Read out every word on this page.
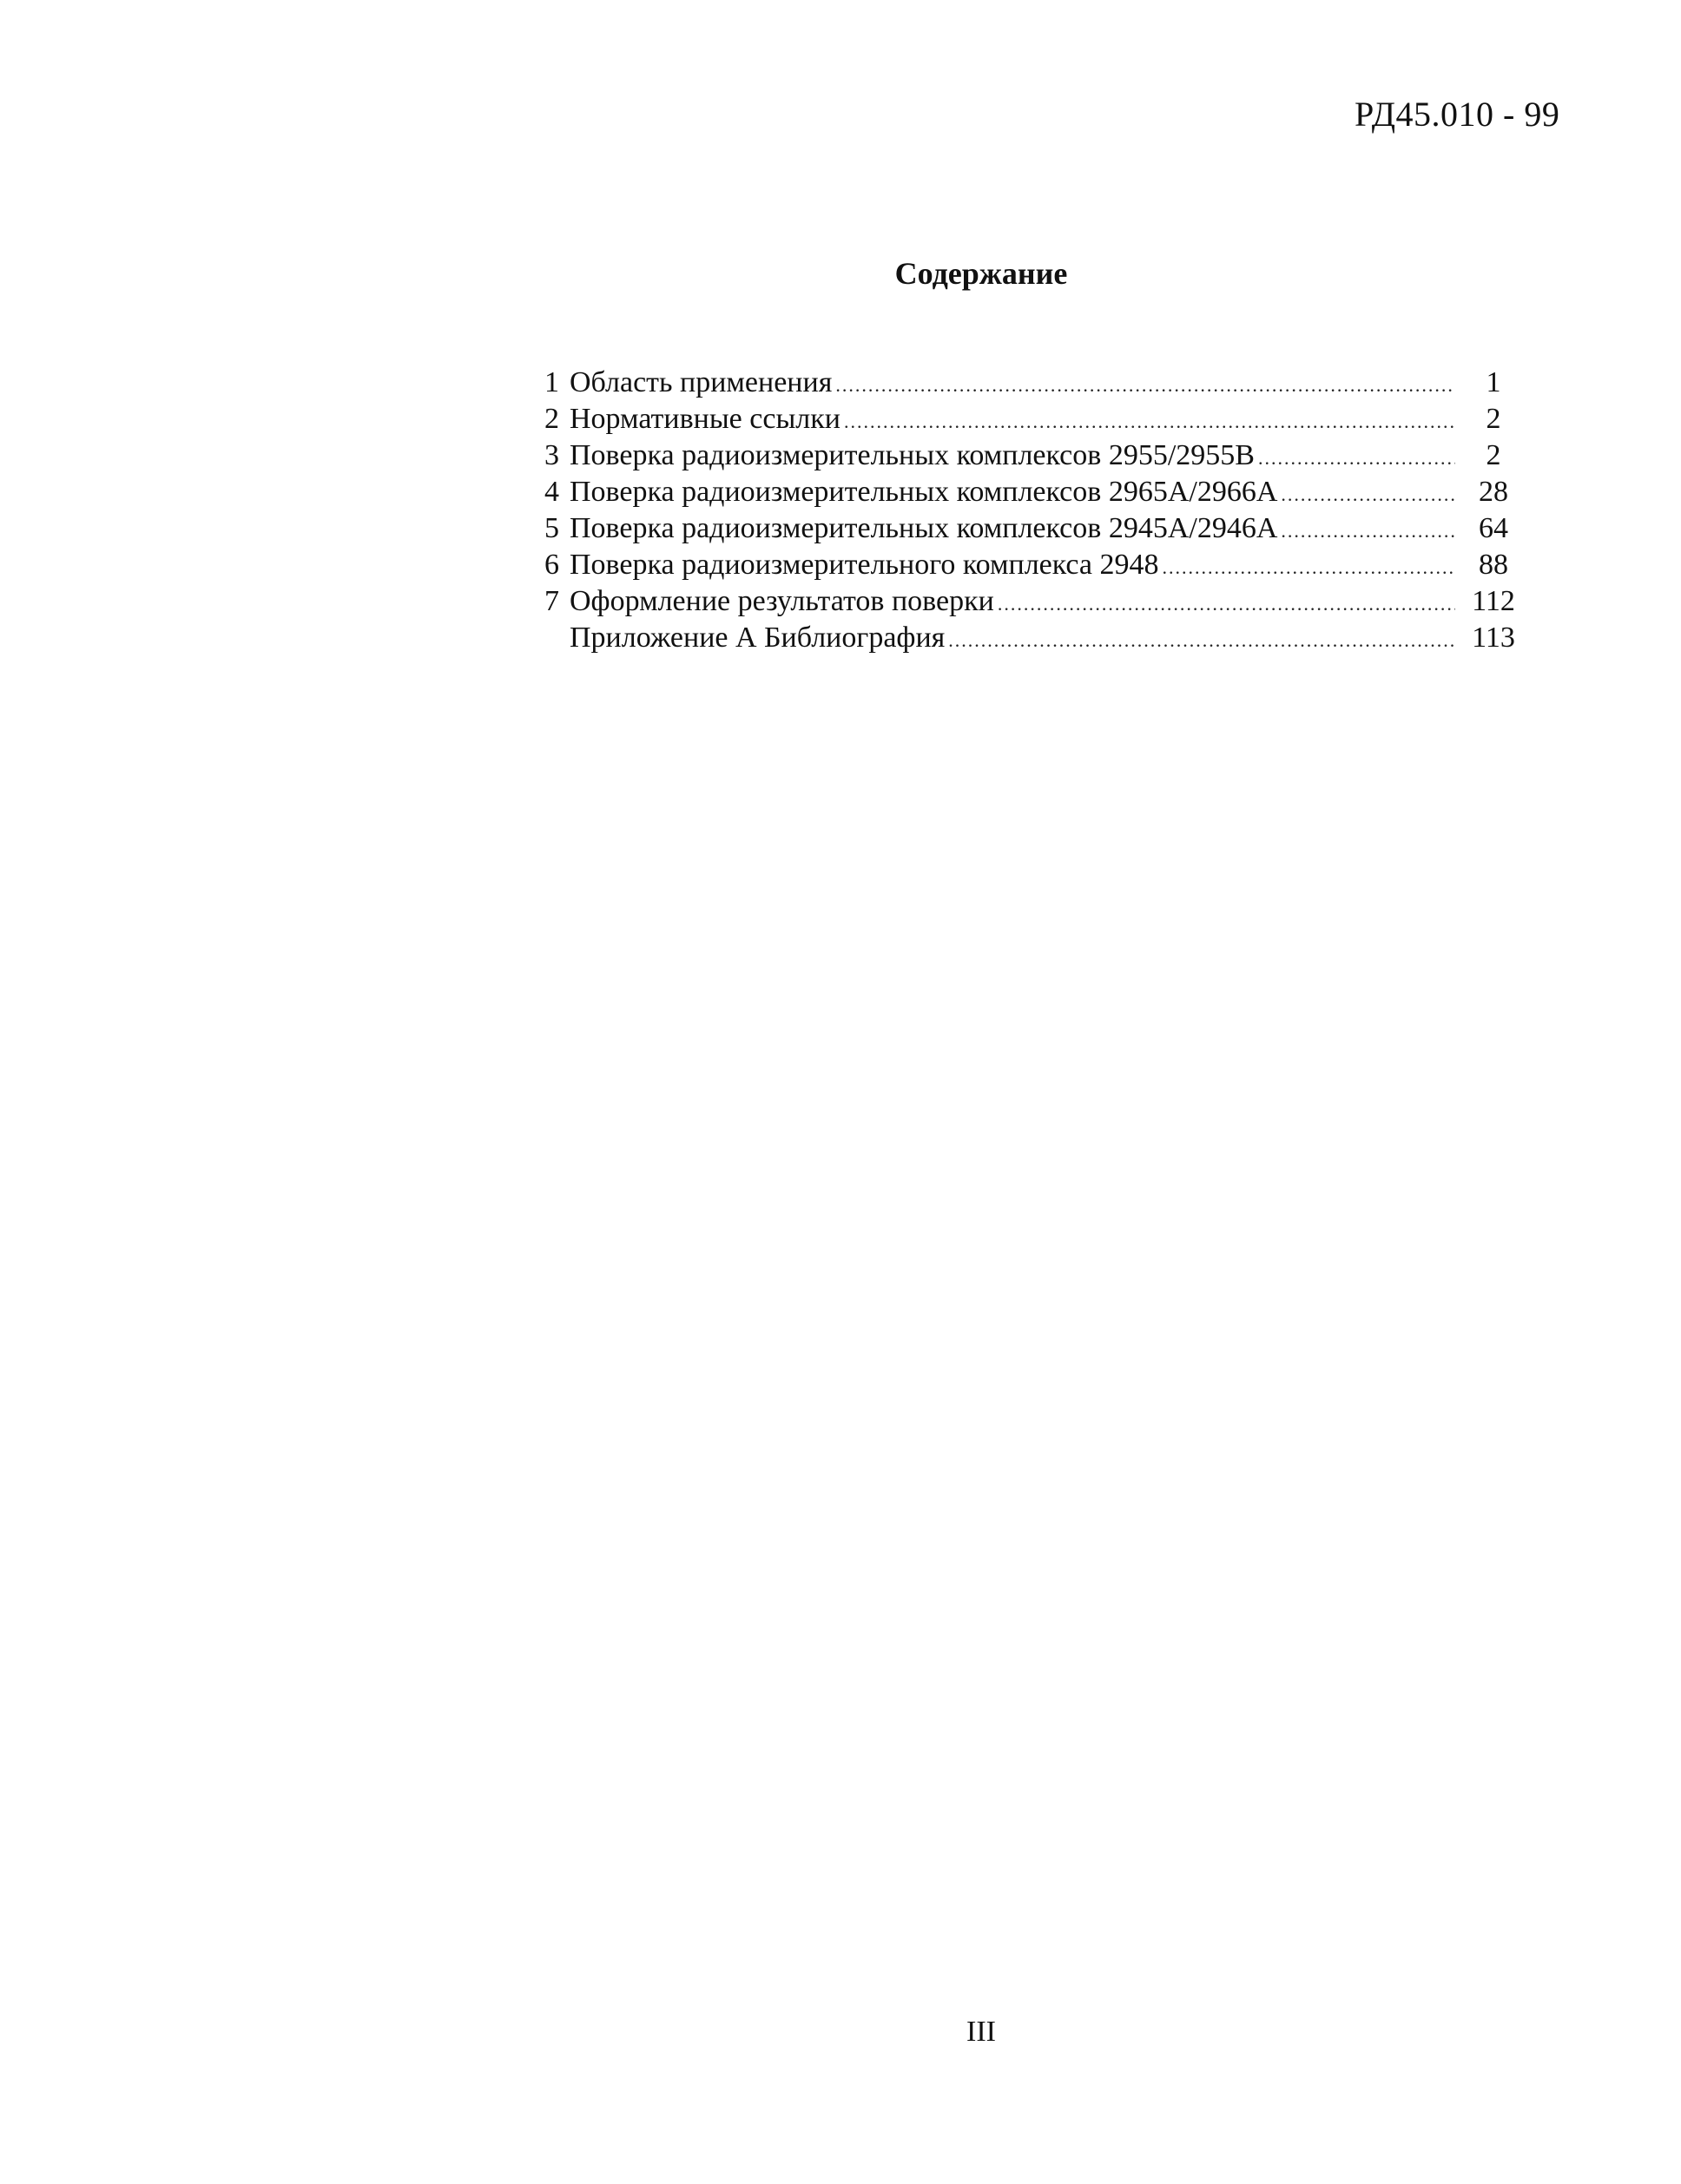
РД45.010 - 99
Содержание
1 Область применения .....	1
2 Нормативные ссылки .....	2
3 Поверка радиоизмерительных комплексов 2955/2955В .....	2
4 Поверка радиоизмерительных комплексов 2965А/2966А .....	28
5 Поверка радиоизмерительных комплексов 2945А/2946А .....	64
6 Поверка радиоизмерительного комплекса 2948 .....	88
7 Оформление результатов поверки .....	112
Приложение А Библиография .....	113
III
